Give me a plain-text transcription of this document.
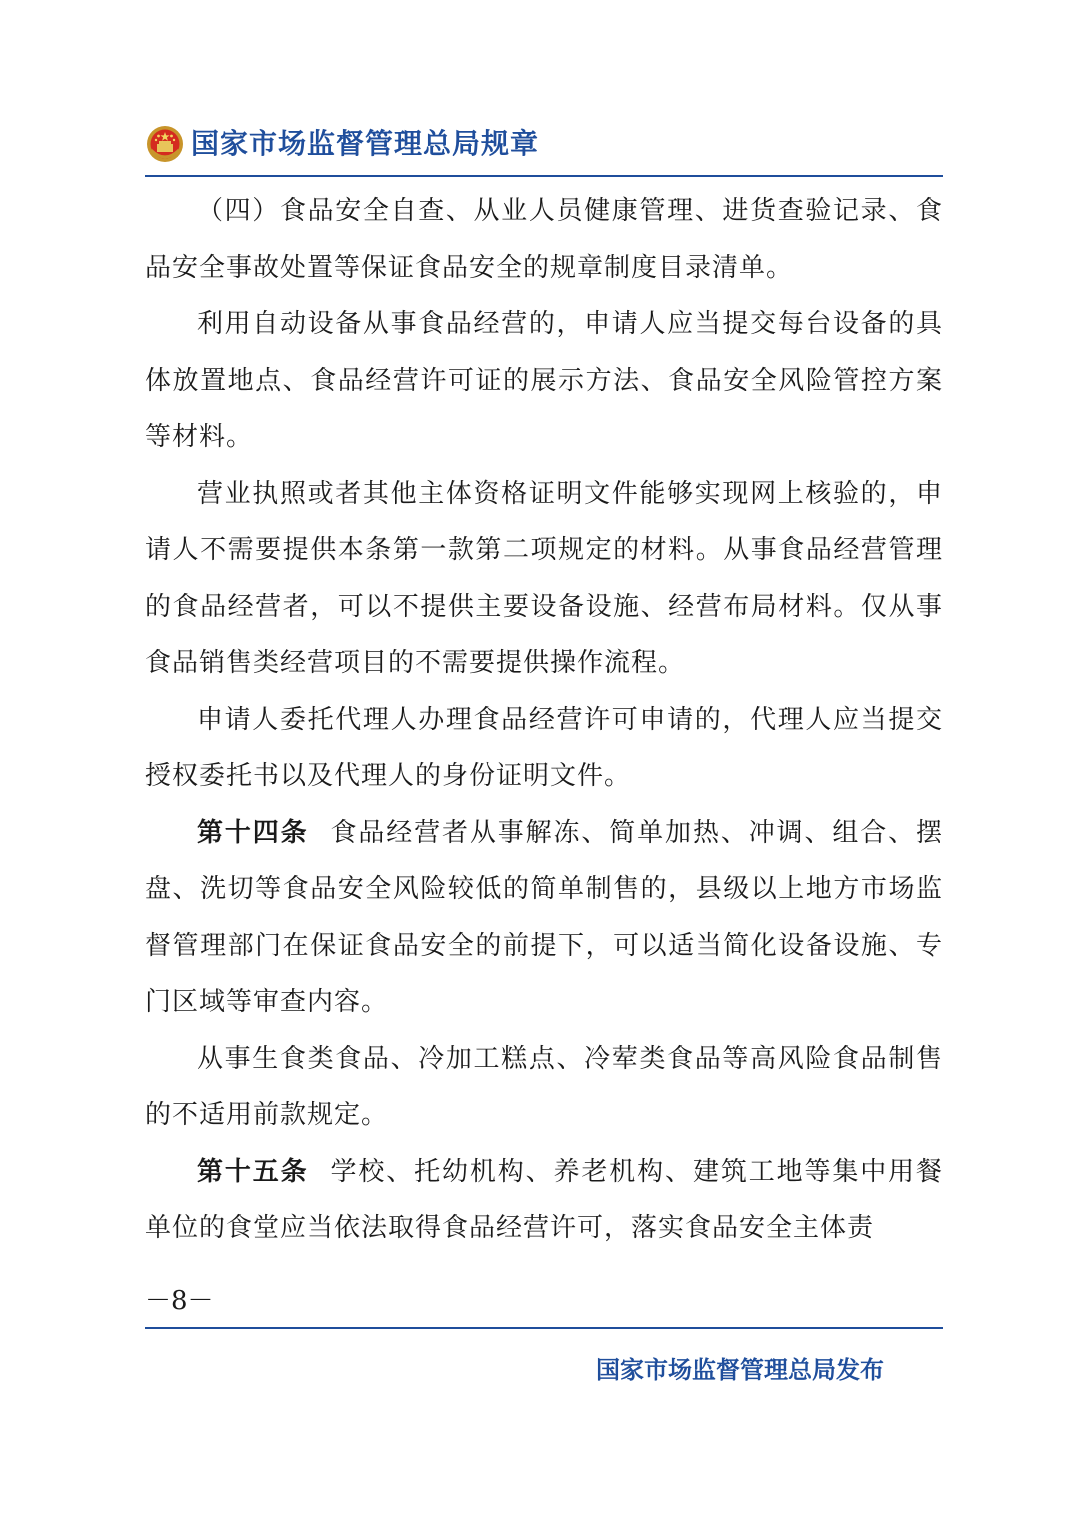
国家市场监督管理总局规章

（四）食品安全自查、从业人员健康管理、进货查验记录、食品安全事故处置等保证食品安全的规章制度目录清单。

利用自动设备从事食品经营的，申请人应当提交每台设备的具体放置地点、食品经营许可证的展示方法、食品安全风险管控方案等材料。

营业执照或者其他主体资格证明文件能够实现网上核验的，申请人不需要提供本条第一款第二项规定的材料。从事食品经营管理的食品经营者，可以不提供主要设备设施、经营布局材料。仅从事食品销售类经营项目的不需要提供操作流程。

申请人委托代理人办理食品经营许可申请的，代理人应当提交授权委托书以及代理人的身份证明文件。

第十四条 食品经营者从事解冻、简单加热、冲调、组合、摆盘、洗切等食品安全风险较低的简单制售的，县级以上地方市场监督管理部门在保证食品安全的前提下，可以适当简化设备设施、专门区域等审查内容。

从事生食类食品、冷加工糕点、冷荤类食品等高风险食品制售的不适用前款规定。

第十五条 学校、托幼机构、养老机构、建筑工地等集中用餐单位的食堂应当依法取得食品经营许可，落实食品安全主体责

－8－
国家市场监督管理总局发布
